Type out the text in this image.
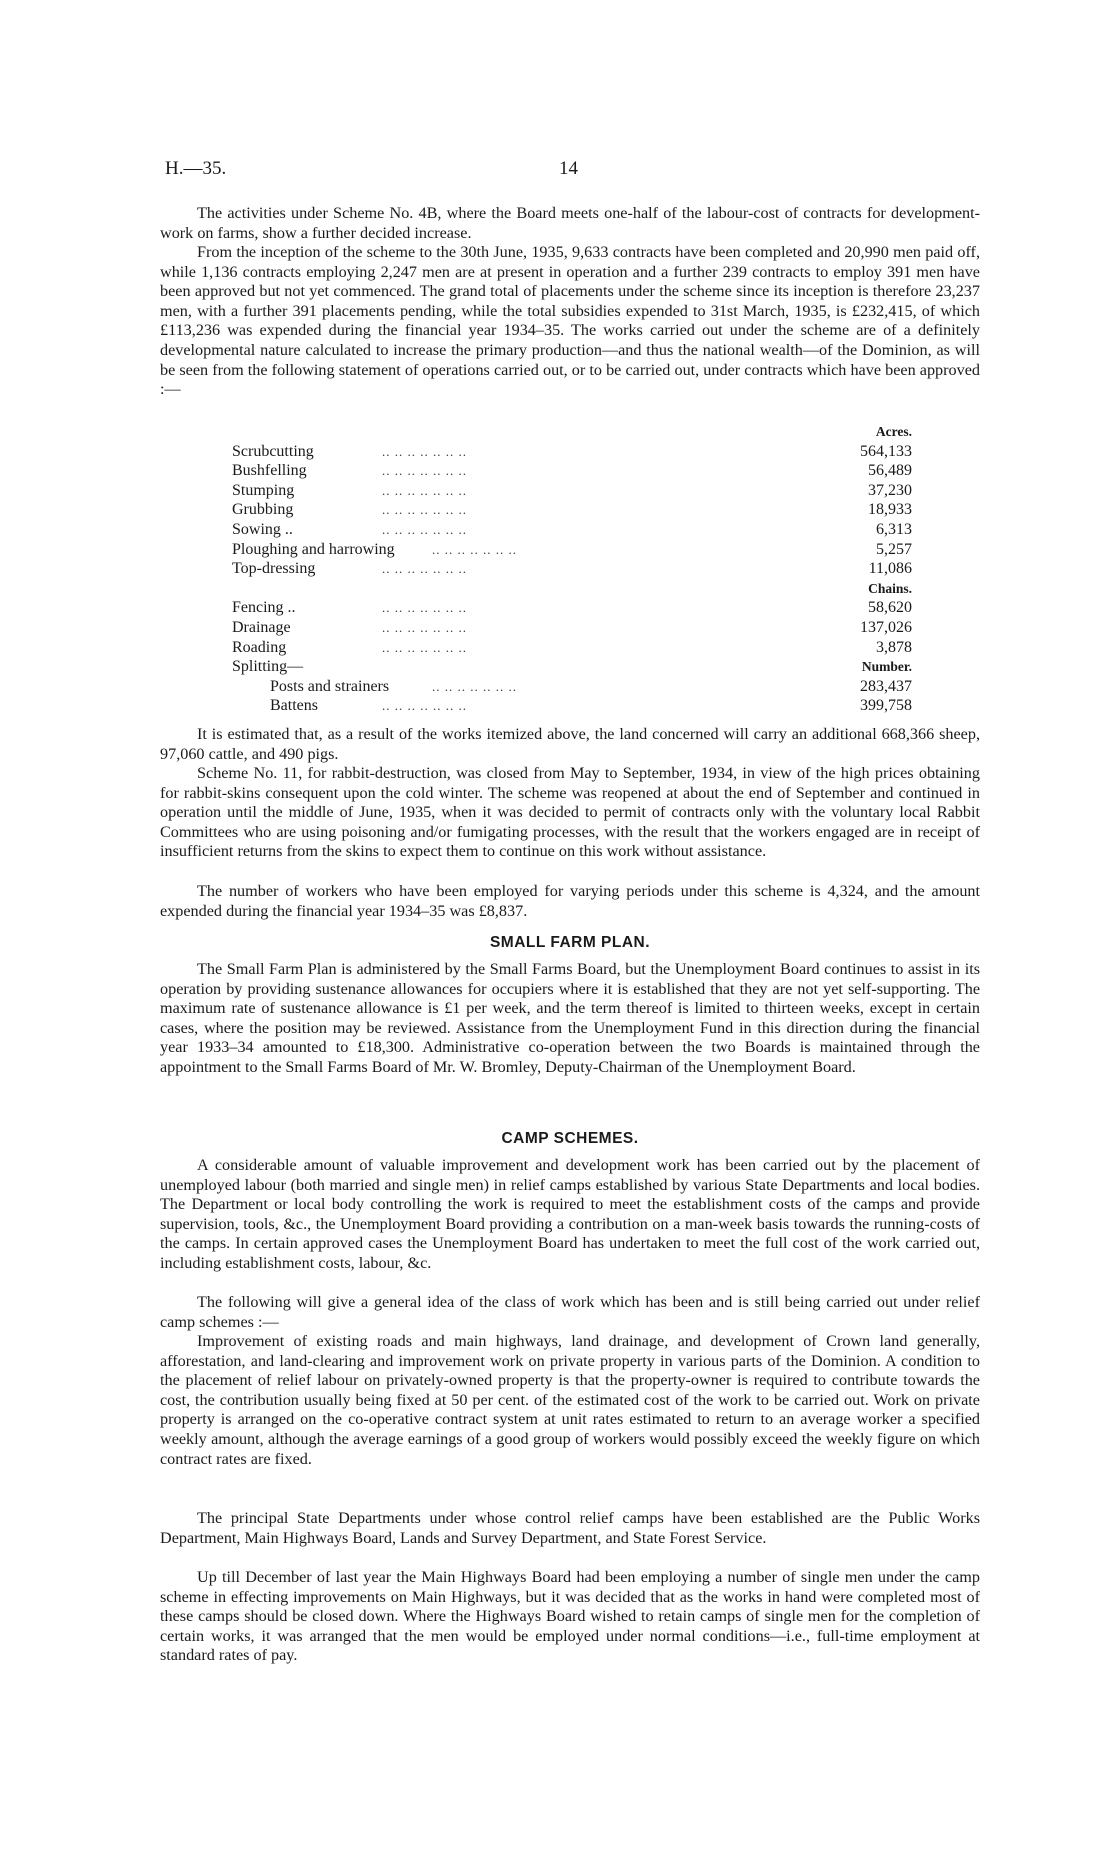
H.—35.	14

The activities under Scheme No. 4B, where the Board meets one-half of the labour-cost of contracts for development-work on farms, show a further decided increase.

From the inception of the scheme to the 30th June, 1935, 9,633 contracts have been completed and 20,990 men paid off, while 1,136 contracts employing 2,247 men are at present in operation and a further 239 contracts to employ 391 men have been approved but not yet commenced. The grand total of placements under the scheme since its inception is therefore 23,237 men, with a further 391 placements pending, while the total subsidies expended to 31st March, 1935, is £232,415, of which £113,236 was expended during the financial year 1934–35. The works carried out under the scheme are of a definitely developmental nature calculated to increase the primary production—and thus the national wealth—of the Dominion, as will be seen from the following statement of operations carried out, or to be carried out, under contracts which have been approved :—

Acres.
Scrubcutting	.. .. .. .. .. .. ..	564,133
Bushfelling	.. .. .. .. .. .. ..	56,489
Stumping	.. .. .. .. .. .. ..	37,230
Grubbing	.. .. .. .. .. .. ..	18,933
Sowing ..	.. .. .. .. .. .. ..	6,313
Ploughing and harrowing	.. .. .. .. .. .. ..	5,257
Top-dressing	.. .. .. .. .. .. ..	11,086
Chains.
Fencing ..	.. .. .. .. .. .. ..	58,620
Drainage	.. .. .. .. .. .. ..	137,026
Roading	.. .. .. .. .. .. ..	3,878
Splitting—	Number.
Posts and strainers	.. .. .. .. .. .. ..	283,437
Battens	.. .. .. .. .. .. ..	399,758

It is estimated that, as a result of the works itemized above, the land concerned will carry an additional 668,366 sheep, 97,060 cattle, and 490 pigs.

Scheme No. 11, for rabbit-destruction, was closed from May to September, 1934, in view of the high prices obtaining for rabbit-skins consequent upon the cold winter. The scheme was reopened at about the end of September and continued in operation until the middle of June, 1935, when it was decided to permit of contracts only with the voluntary local Rabbit Committees who are using poisoning and/or fumigating processes, with the result that the workers engaged are in receipt of insufficient returns from the skins to expect them to continue on this work without assistance.

The number of workers who have been employed for varying periods under this scheme is 4,324, and the amount expended during the financial year 1934–35 was £8,837.

SMALL FARM PLAN.

The Small Farm Plan is administered by the Small Farms Board, but the Unemployment Board continues to assist in its operation by providing sustenance allowances for occupiers where it is established that they are not yet self-supporting. The maximum rate of sustenance allowance is £1 per week, and the term thereof is limited to thirteen weeks, except in certain cases, where the position may be reviewed. Assistance from the Unemployment Fund in this direction during the financial year 1933–34 amounted to £18,300. Administrative co-operation between the two Boards is maintained through the appointment to the Small Farms Board of Mr. W. Bromley, Deputy-Chairman of the Unemployment Board.

CAMP SCHEMES.

A considerable amount of valuable improvement and development work has been carried out by the placement of unemployed labour (both married and single men) in relief camps established by various State Departments and local bodies. The Department or local body controlling the work is required to meet the establishment costs of the camps and provide supervision, tools, &c., the Unemployment Board providing a contribution on a man-week basis towards the running-costs of the camps. In certain approved cases the Unemployment Board has undertaken to meet the full cost of the work carried out, including establishment costs, labour, &c.

The following will give a general idea of the class of work which has been and is still being carried out under relief camp schemes :—

Improvement of existing roads and main highways, land drainage, and development of Crown land generally, afforestation, and land-clearing and improvement work on private property in various parts of the Dominion. A condition to the placement of relief labour on privately-owned property is that the property-owner is required to contribute towards the cost, the contribution usually being fixed at 50 per cent. of the estimated cost of the work to be carried out. Work on private property is arranged on the co-operative contract system at unit rates estimated to return to an average worker a specified weekly amount, although the average earnings of a good group of workers would possibly exceed the weekly figure on which contract rates are fixed.

The principal State Departments under whose control relief camps have been established are the Public Works Department, Main Highways Board, Lands and Survey Department, and State Forest Service.

Up till December of last year the Main Highways Board had been employing a number of single men under the camp scheme in effecting improvements on Main Highways, but it was decided that as the works in hand were completed most of these camps should be closed down. Where the Highways Board wished to retain camps of single men for the completion of certain works, it was arranged that the men would be employed under normal conditions—i.e., full-time employment at standard rates of pay.
